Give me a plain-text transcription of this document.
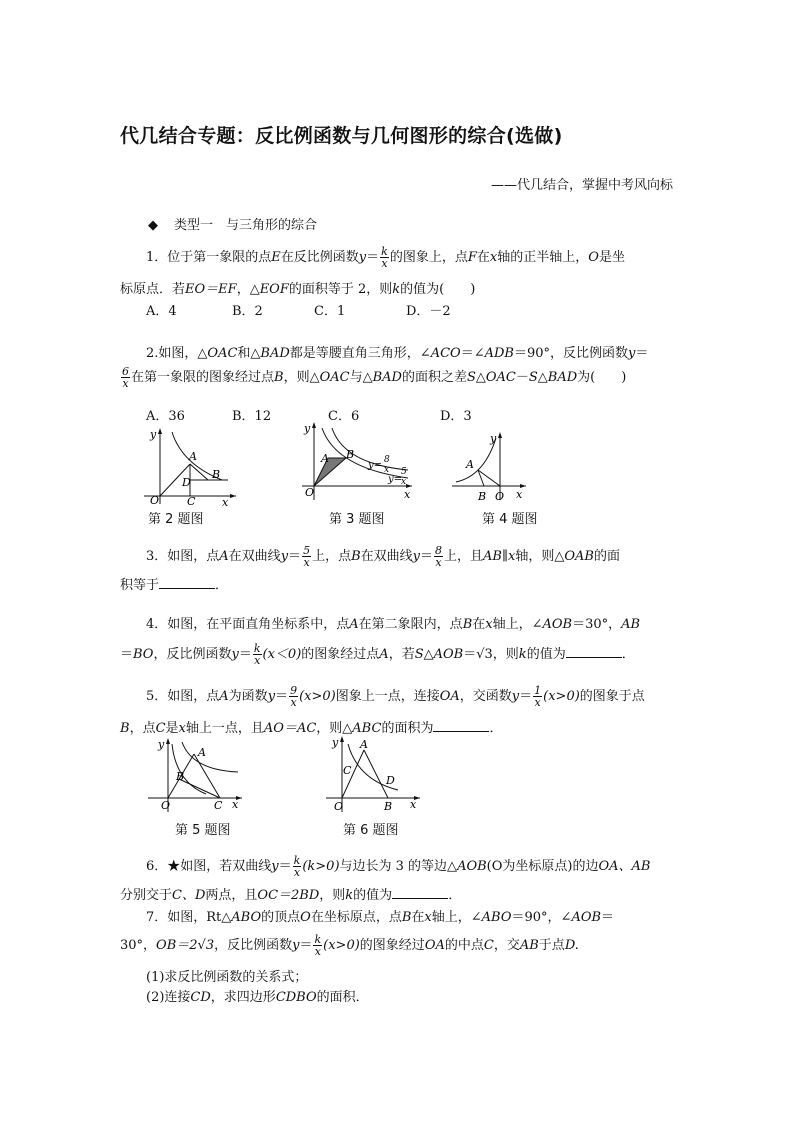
代几结合专题：反比例函数与几何图形的综合(选做)
——代几结合，掌握中考风向标
◆ 类型一　与三角形的综合
1．位于第一象限的点E在反比例函数$y= \frac{k}{x}$ 的图象上，点F在x轴的正半轴上，O是坐
标原点．若EO＝EF，△EOF的面积等于 2，则k的值为(　　)
A．4	B．2	C．1	D．－2
2.如图，△OAC和△BAD都是等腰直角三角形，∠ACO＝∠ADB＝90°，反比例函数y＝
$\frac{6}{x}$ 在第一象限的图象经过点B，则△OAC与△BAD的面积之差S△OAC－S△BAD为(　　)
A．36	B．12	C．6	D．3
y
A
B
D
O	C x
第 2 题图
y
A B
O	x
y= 8
x
y=
5
x
第 3 题图
y
A
B O x
第 4 题图
3．如图，点A在双曲线$y= \frac{5}{x}$ 上，点B在双曲线$y= \frac{8}{x}$ 上，且AB∥x轴，则△OAB的面
积等于	．
4．如图，在平面直角坐标系中，点A在第二象限内，点B在x轴上，∠AOB＝30°，AB
＝BO，反比例函数$y= \frac{k}{x} (x<0)$的图象经过点A，若S△AOB＝√3，则k的值为	．
5．如图，点A为函数$y= \frac{9}{x} (x>0)$图象上一点，连接OA，交函数$y= \frac{1}{x} (x>0)$的图象于点
B，点C是x轴上一点，且AO＝AC，则△ABC的面积为	．
y
A
B
O	C x
第 5 题图
y A
C
D
O	B x
第 6 题图
6．★如图，若双曲线$y= \frac{k}{x} (k>0)$与边长为 3 的等边△AOB(O为坐标原点)的边OA、AB
分别交于C、D两点，且OC＝2BD，则k的值为	．
7．如图，Rt△ABO的顶点O在坐标原点，点B在x轴上，∠ABO＝90°，∠AOB＝
30°，OB＝2√3，反比例函数$y= \frac{k}{x} (x>0)$的图象经过OA的中点C，交AB于点D.
(1)求反比例函数的关系式；
(2)连接CD，求四边形CDBO的面积．
